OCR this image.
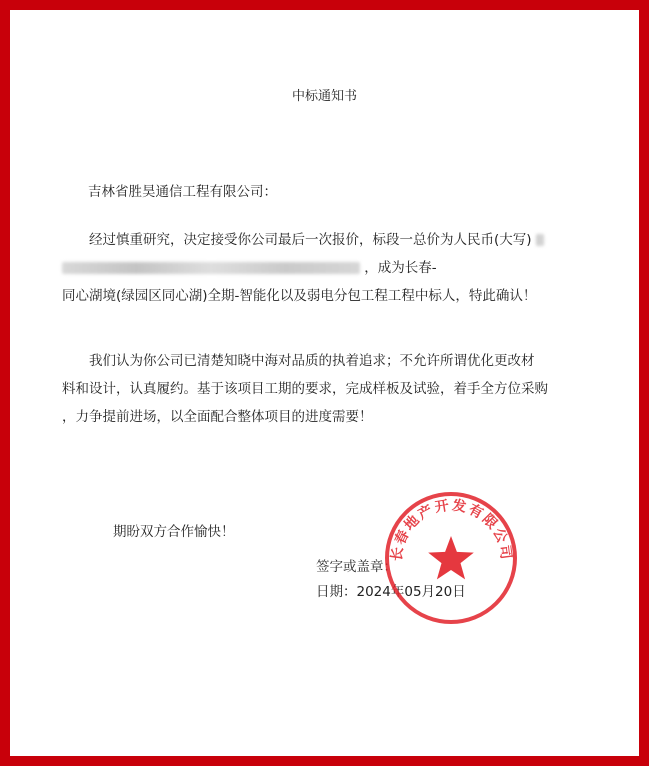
中标通知书
吉林省胜昊通信工程有限公司：
经过慎重研究，决定接受你公司最后一次报价，标段一总价为人民币(大写)
，成为长春-
同心湖境(绿园区同心湖)全期-智能化以及弱电分包工程工程中标人，特此确认！
我们认为你公司已清楚知晓中海对品质的执着追求；不允许所谓优化更改材
料和设计，认真履约。基于该项目工期的要求，完成样板及试验，着手全方位采购
，力争提前进场，以全面配合整体项目的进度需要！
期盼双方合作愉快！
签字或盖章：
日期：2024年05月20日
长春地产开发有限公司
